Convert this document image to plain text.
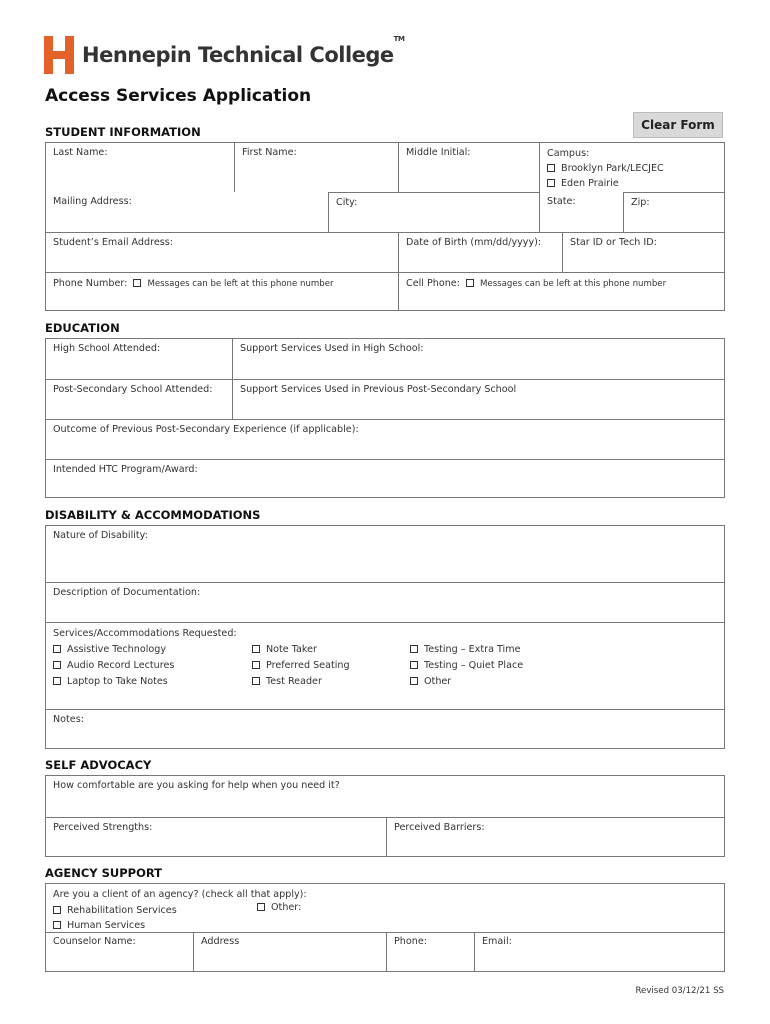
Hennepin Technical College™
Access Services Application
Clear Form
STUDENT INFORMATION
Last Name:	First Name:	Middle Initial:	Campus:
Brooklyn Park/LECJEC
Eden Prairie
Mailing Address:	City:	State:	Zip:
Student’s Email Address:	Date of Birth (mm/dd/yyyy):	Star ID or Tech ID:
Phone Number: Messages can be left at this phone number	Cell Phone: Messages can be left at this phone number
EDUCATION
High School Attended:	Support Services Used in High School:
Post-Secondary School Attended:	Support Services Used in Previous Post-Secondary School
Outcome of Previous Post-Secondary Experience (if applicable):
Intended HTC Program/Award:
DISABILITY & ACCOMMODATIONS
Nature of Disability:
Description of Documentation:
Services/Accommodations Requested:
Assistive Technology
Audio Record Lectures
Laptop to Take Notes
Note Taker
Preferred Seating
Test Reader
Testing – Extra Time
Testing – Quiet Place
Other
Notes:
SELF ADVOCACY
How comfortable are you asking for help when you need it?
Perceived Strengths:	Perceived Barriers:
AGENCY SUPPORT
Are you a client of an agency? (check all that apply):
Rehabilitation Services
Human Services
Other:
Counselor Name:	Address	Phone:	Email:
Revised 03/12/21 SS
